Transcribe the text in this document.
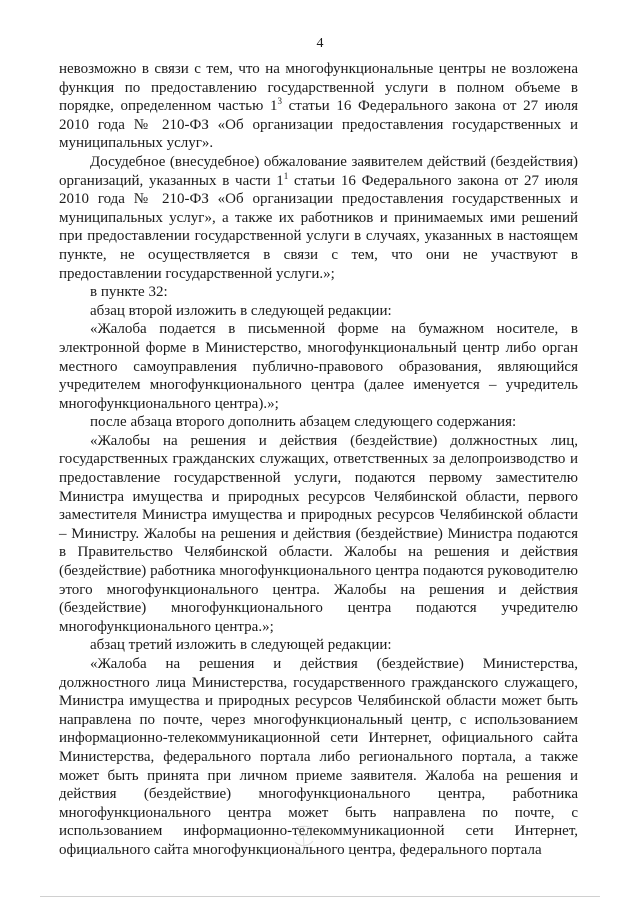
4

невозможно в связи с тем, что на многофункциональные центры не возложена функция по предоставлению государственной услуги в полном объеме в порядке, определенном частью $1^3$ статьи 16 Федерального закона от 27 июля 2010 года № 210-ФЗ «Об организации предоставления государственных и муниципальных услуг».

Досудебное (внесудебное) обжалование заявителем действий (бездействия) организаций, указанных в части $1^1$ статьи 16 Федерального закона от 27 июля 2010 года № 210-ФЗ «Об организации предоставления государственных и муниципальных услуг», а также их работников и принимаемых ими решений при предоставлении государственной услуги в случаях, указанных в настоящем пункте, не осуществляется в связи с тем, что они не участвуют в предоставлении государственной услуги.»;

в пункте 32:

абзац второй изложить в следующей редакции:

«Жалоба подается в письменной форме на бумажном носителе, в электронной форме в Министерство, многофункциональный центр либо орган местного самоуправления публично-правового образования, являющийся учредителем многофункционального центра (далее именуется – учредитель многофункционального центра).»;

после абзаца второго дополнить абзацем следующего содержания:

«Жалобы на решения и действия (бездействие) должностных лиц, государственных гражданских служащих, ответственных за делопроизводство и предоставление государственной услуги, подаются первому заместителю Министра имущества и природных ресурсов Челябинской области, первого заместителя Министра имущества и природных ресурсов Челябинской области – Министру. Жалобы на решения и действия (бездействие) Министра подаются в Правительство Челябинской области. Жалобы на решения и действия (бездействие) работника многофункционального центра подаются руководителю этого многофункционального центра. Жалобы на решения и действия (бездействие) многофункционального центра подаются учредителю многофункционального центра.»;

абзац третий изложить в следующей редакции:

«Жалоба на решения и действия (бездействие) Министерства, должностного лица Министерства, государственного гражданского служащего, Министра имущества и природных ресурсов Челябинской области может быть направлена по почте, через многофункциональный центр, с использованием информационно-телекоммуникационной сети Интернет, официального сайта Министерства, федерального портала либо регионального портала, а также может быть принята при личном приеме заявителя. Жалоба на решения и действия (бездействие) многофункционального центра, работника многофункционального центра может быть направлена по почте, с использованием информационно-телекоммуникационной сети Интернет, официального сайта многофункционального центра, федерального портала
